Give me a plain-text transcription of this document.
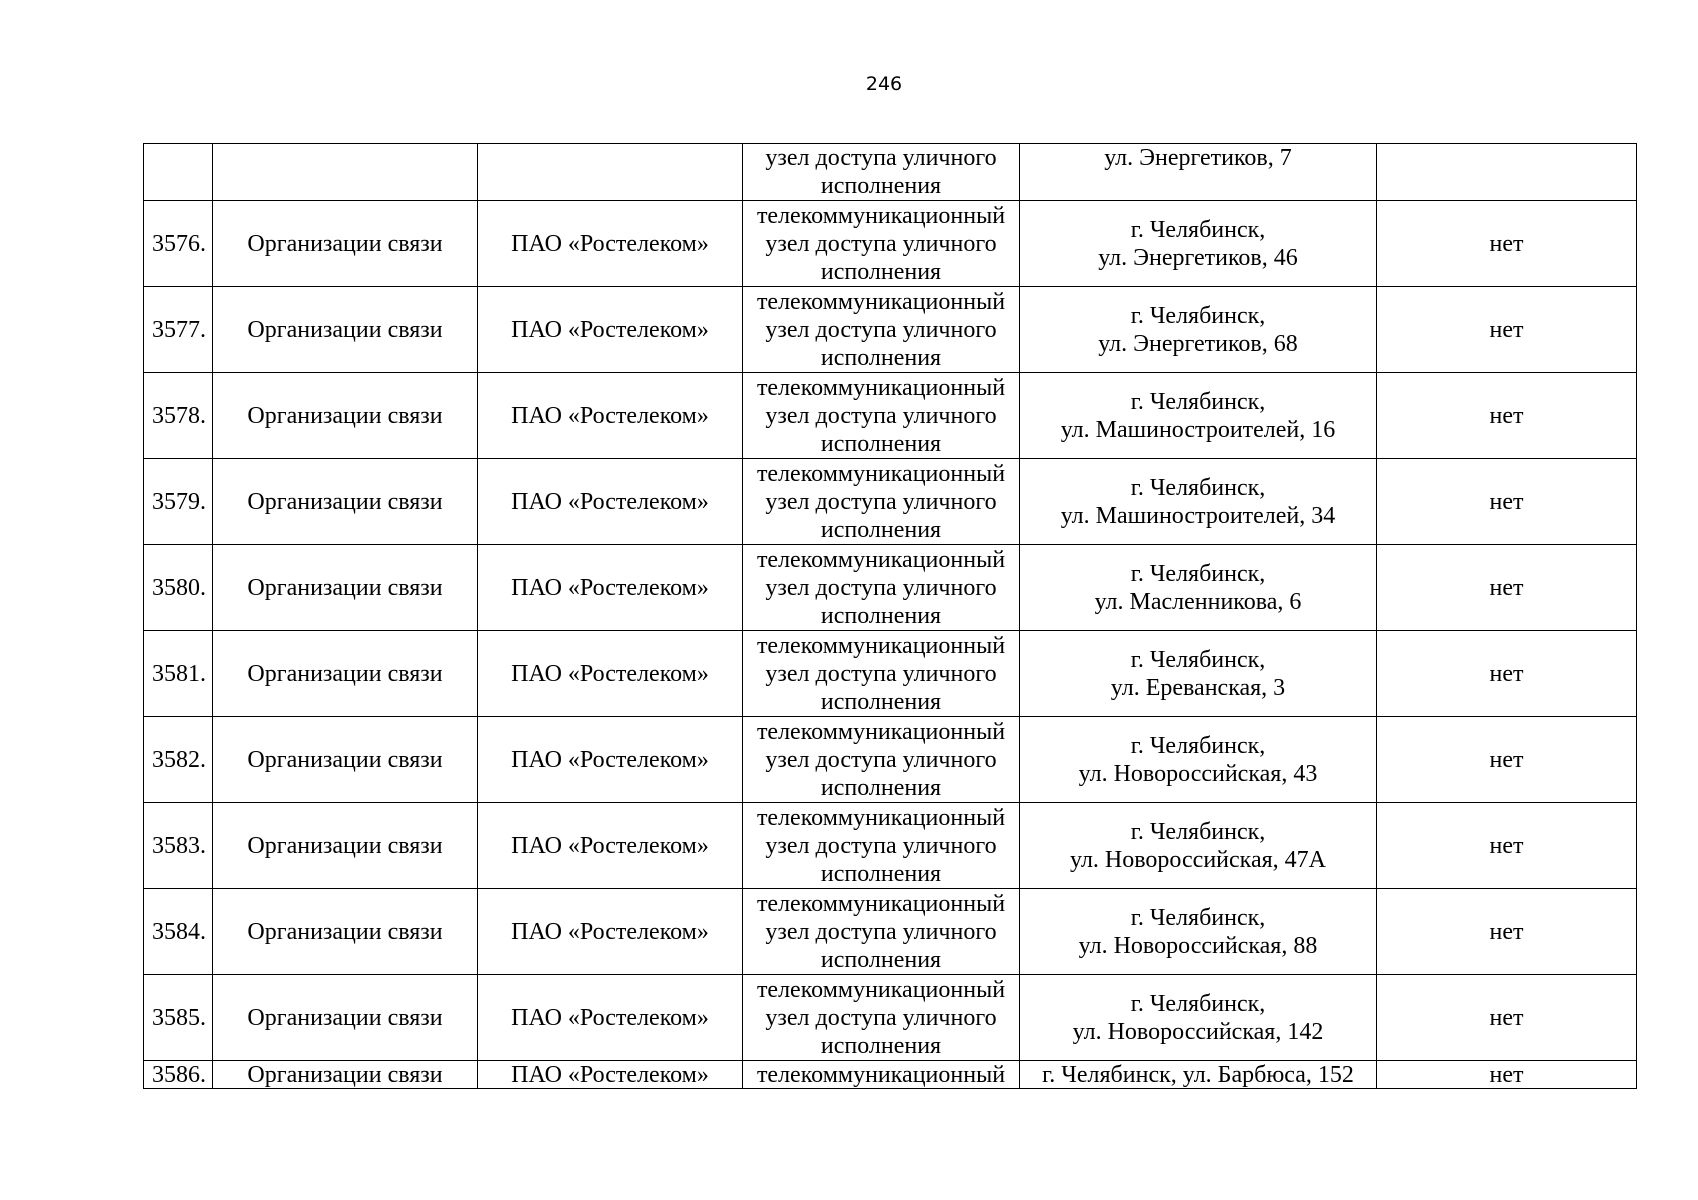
246

			узел доступа уличного
исполнения	ул. Энергетиков, 7	

3576.	Организации связи	ПАО «Ростелеком»	телекоммуникационный
узел доступа уличного
исполнения	г. Челябинск,
ул. Энергетиков, 46	нет
3577.	Организации связи	ПАО «Ростелеком»	телекоммуникационный
узел доступа уличного
исполнения	г. Челябинск,
ул. Энергетиков, 68	нет
3578.	Организации связи	ПАО «Ростелеком»	телекоммуникационный
узел доступа уличного
исполнения	г. Челябинск,
ул. Машиностроителей, 16	нет
3579.	Организации связи	ПАО «Ростелеком»	телекоммуникационный
узел доступа уличного
исполнения	г. Челябинск,
ул. Машиностроителей, 34	нет
3580.	Организации связи	ПАО «Ростелеком»	телекоммуникационный
узел доступа уличного
исполнения	г. Челябинск,
ул. Масленникова, 6	нет
3581.	Организации связи	ПАО «Ростелеком»	телекоммуникационный
узел доступа уличного
исполнения	г. Челябинск,
ул. Ереванская, 3	нет
3582.	Организации связи	ПАО «Ростелеком»	телекоммуникационный
узел доступа уличного
исполнения	г. Челябинск,
ул. Новороссийская, 43	нет
3583.	Организации связи	ПАО «Ростелеком»	телекоммуникационный
узел доступа уличного
исполнения	г. Челябинск,
ул. Новороссийская, 47А	нет
3584.	Организации связи	ПАО «Ростелеком»	телекоммуникационный
узел доступа уличного
исполнения	г. Челябинск,
ул. Новороссийская, 88	нет
3585.	Организации связи	ПАО «Ростелеком»	телекоммуникационный
узел доступа уличного
исполнения	г. Челябинск,
ул. Новороссийская, 142	нет
3586.	Организации связи	ПАО «Ростелеком»	телекоммуникационный	г. Челябинск, ул. Барбюса, 152	нет
